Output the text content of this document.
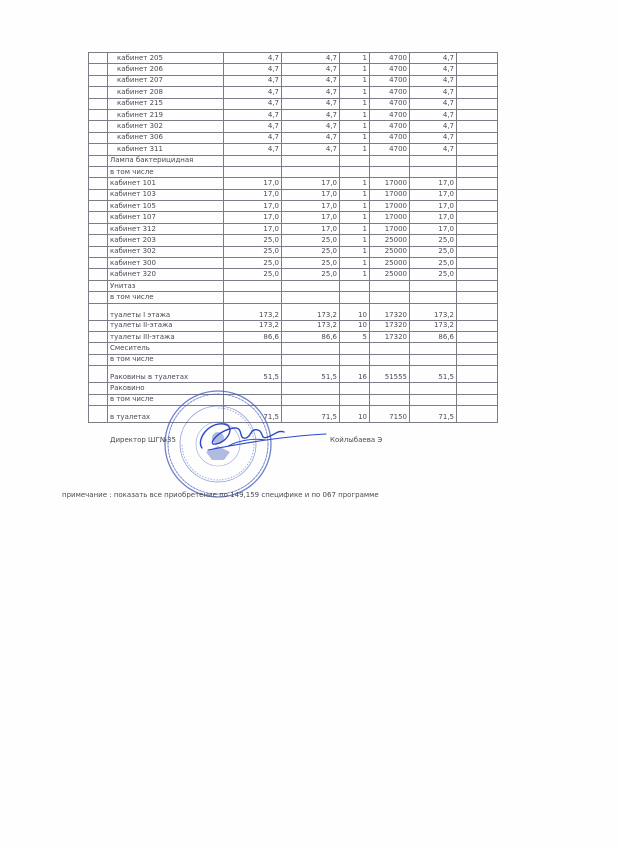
	кабинет 205	4,7	4,7	1	4700	4,7	
	кабинет 206	4,7	4,7	1	4700	4,7	
	кабинет 207	4,7	4,7	1	4700	4,7	
	кабинет 208	4,7	4,7	1	4700	4,7	
	кабинет 215	4,7	4,7	1	4700	4,7	
	кабинет 219	4,7	4,7	1	4700	4,7	
	кабинет 302	4,7	4,7	1	4700	4,7	
	кабинет 306	4,7	4,7	1	4700	4,7	
	кабинет 311	4,7	4,7	1	4700	4,7	
	Лампа бактерицидная						
	в том числе						
	кабинет 101	17,0	17,0	1	17000	17,0	
	кабинет 103	17,0	17,0	1	17000	17,0	
	кабинет 105	17,0	17,0	1	17000	17,0	
	кабинет 107	17,0	17,0	1	17000	17,0	
	кабинет 312	17,0	17,0	1	17000	17,0	
	кабинет 203	25,0	25,0	1	25000	25,0	
	кабинет 302	25,0	25,0	1	25000	25,0	
	кабинет 300	25,0	25,0	1	25000	25,0	
	кабинет 320	25,0	25,0	1	25000	25,0	
	Унитаз						
	в том числе						
	туалеты I этажа	173,2	173,2	10	17320	173,2	
	туалеты II-этажа	173,2	173,2	10	17320	173,2	
	туалеты III-этажа	86,6	86,6	5	17320	86,6	
	Смеситель						
	в том числе						
	Раковины в туалетах	51,5	51,5	16	51555	51,5	
	Раковино						
	в том числе						
	в туалетах	71,5	71,5	10	7150	71,5	
Директор ШГ№35	Койлыбаева Э
примечание : показать все приобретение по 149,159 специфике и по 067 программе
